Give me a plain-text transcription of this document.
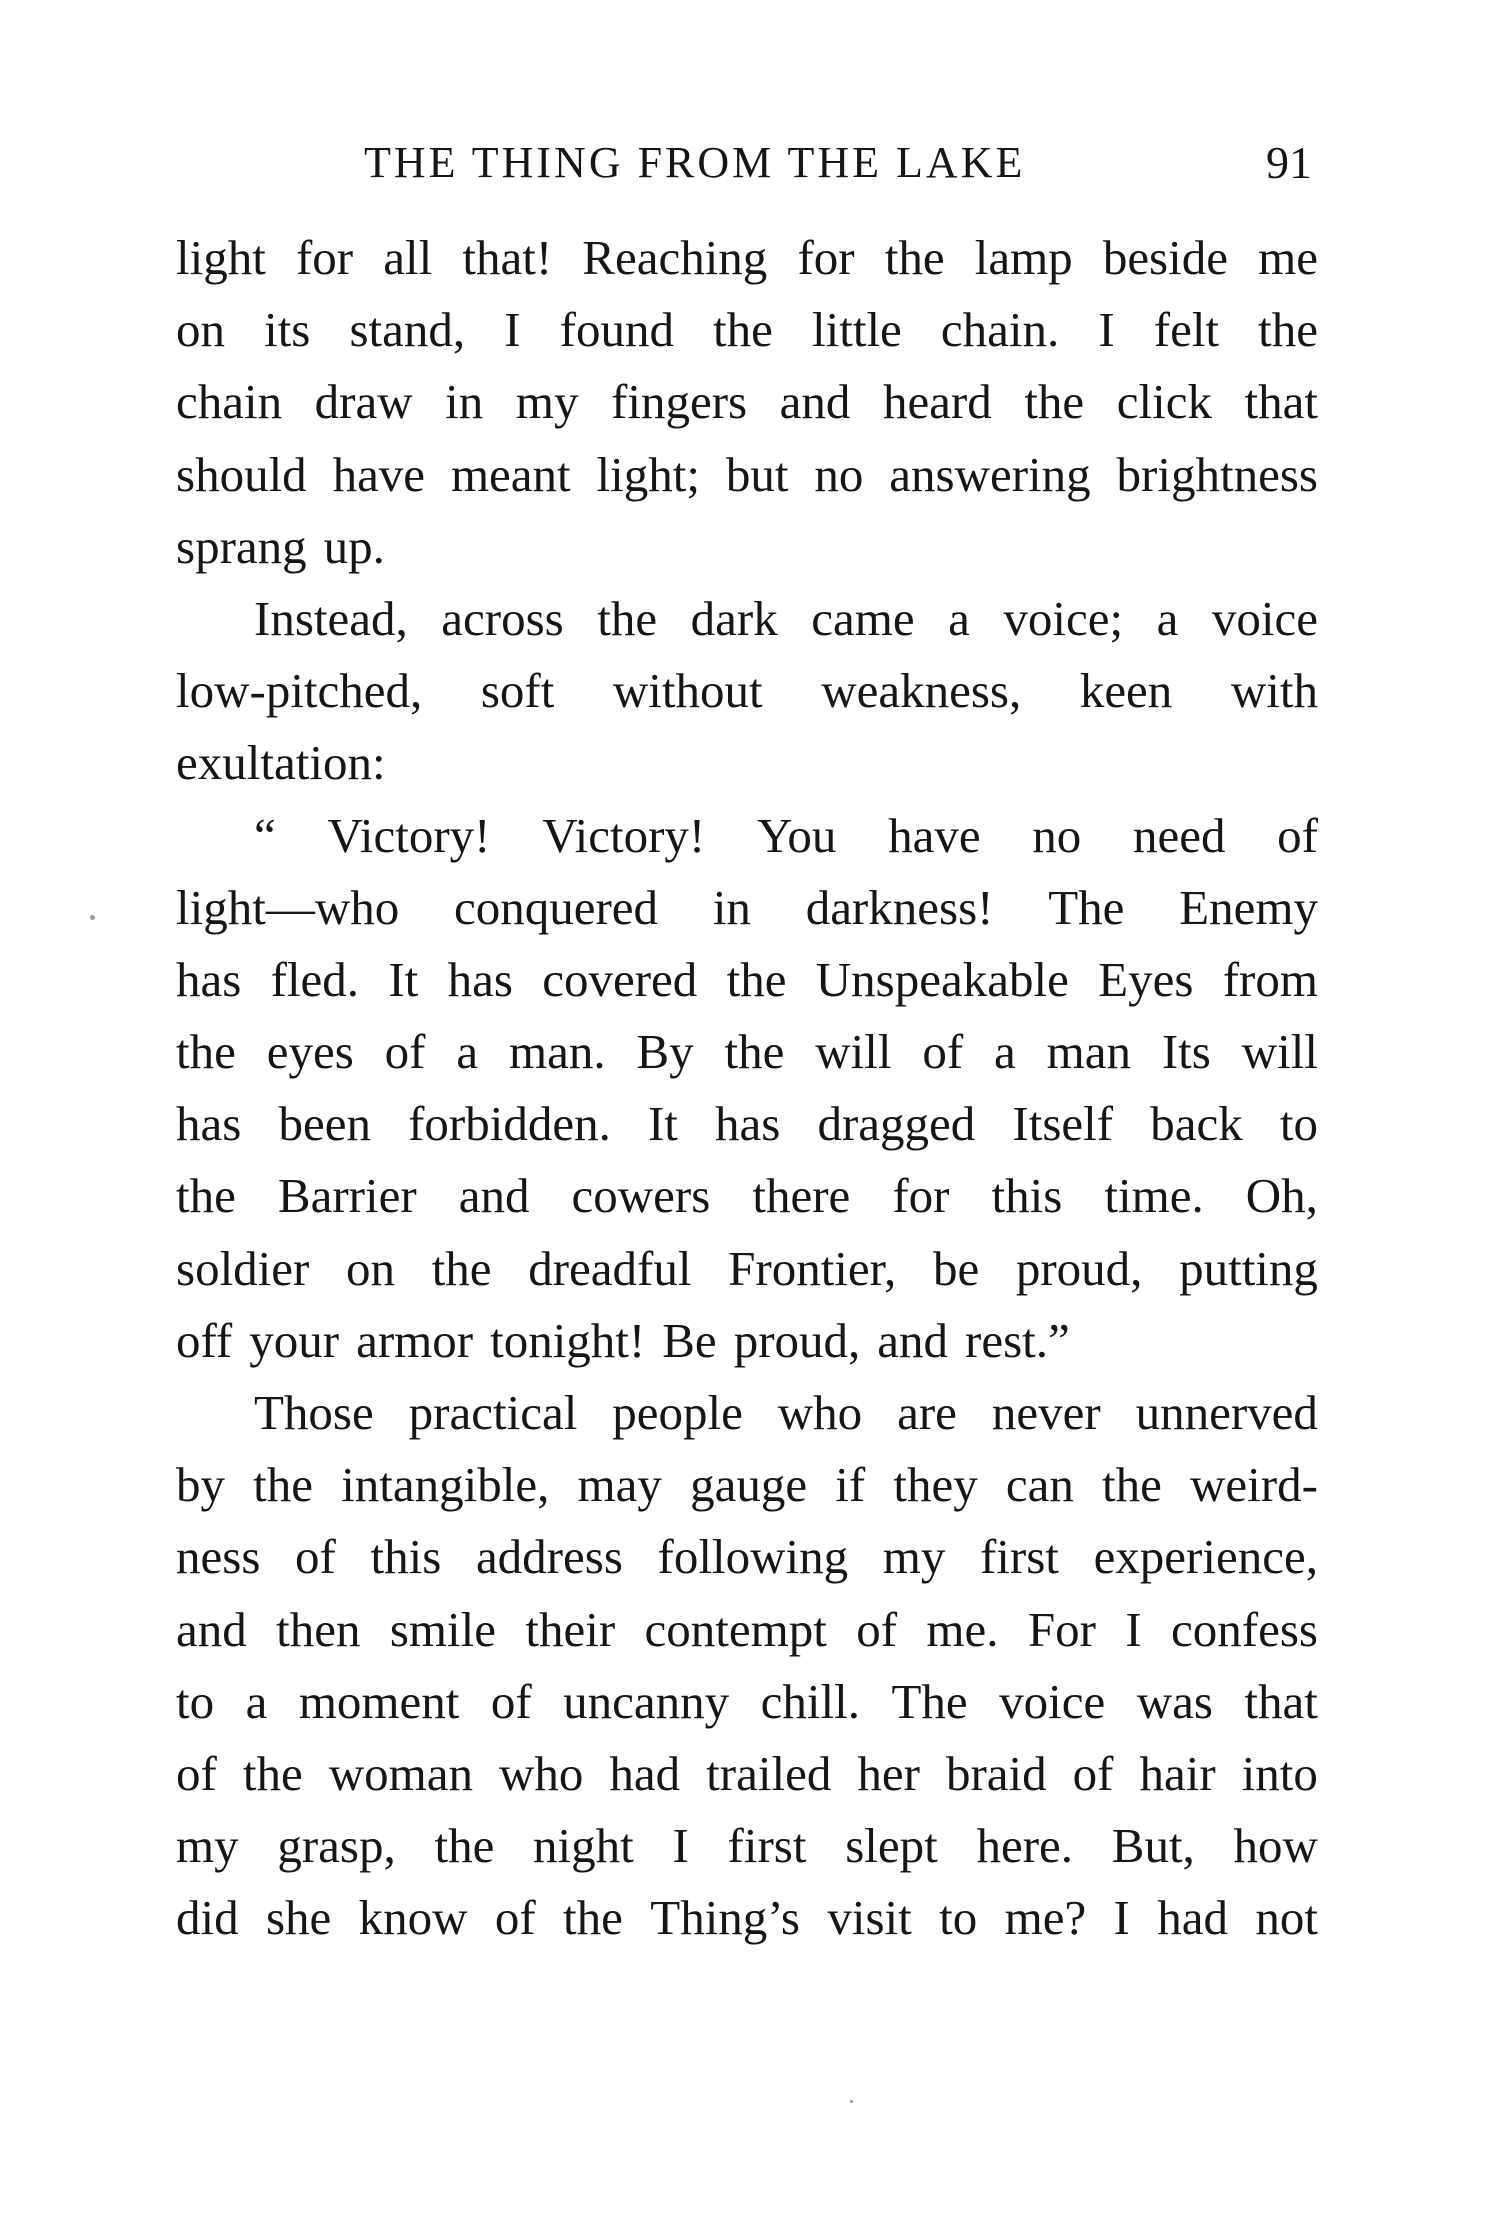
THE THING FROM THE LAKE	91
light for all that! Reaching for the lamp beside me
on its stand, I found the little chain. I felt the
chain draw in my fingers and heard the click that
should have meant light; but no answering brightness
sprang up.
Instead, across the dark came a voice; a voice
low-pitched, soft without weakness, keen with
exultation:
“ Victory! Victory! You have no need of
light—who conquered in darkness! The Enemy
has fled. It has covered the Unspeakable Eyes from
the eyes of a man. By the will of a man Its will
has been forbidden. It has dragged Itself back to
the Barrier and cowers there for this time. Oh,
soldier on the dreadful Frontier, be proud, putting
off your armor tonight! Be proud, and rest.”
Those practical people who are never unnerved
by the intangible, may gauge if they can the weird-
ness of this address following my first experience,
and then smile their contempt of me. For I confess
to a moment of uncanny chill. The voice was that
of the woman who had trailed her braid of hair into
my grasp, the night I first slept here. But, how
did she know of the Thing’s visit to me? I had not
